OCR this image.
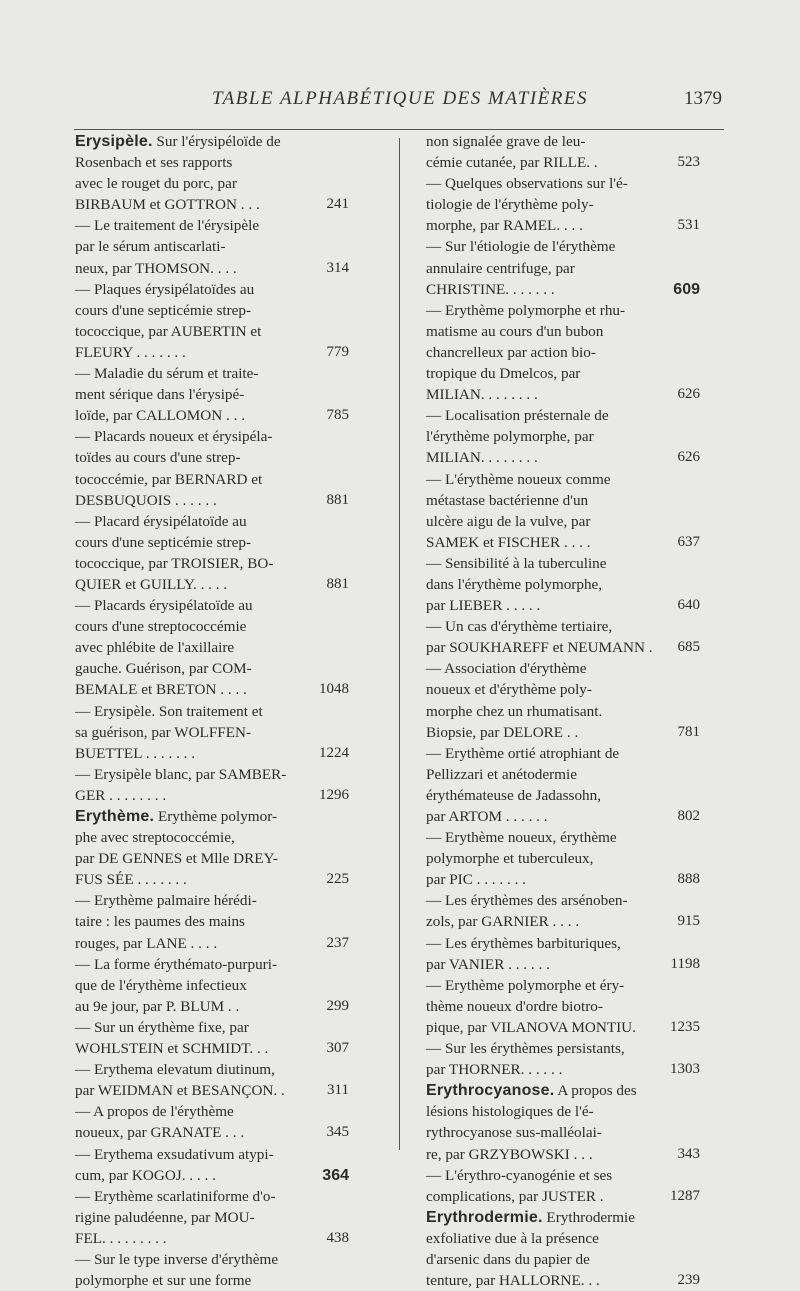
TABLE ALPHABÉTIQUE DES MATIÈRES	1379
Erysipèle. Sur l'érysipéloïde de
Rosenbach et ses rapports
avec le rouget du porc, par
BIRBAUM et GOTTRON . . .	241
— Le traitement de l'érysipèle
par le sérum antiscarlati-
neux, par THOMSON. . . .	314
— Plaques érysipélatoïdes au
cours d'une septicémie strep-
tococcique, par AUBERTIN et
FLEURY . . . . . . .	779
— Maladie du sérum et traite-
ment sérique dans l'érysipé-
loïde, par CALLOMON . . .	785
— Placards noueux et érysipéla-
toïdes au cours d'une strep-
tococcémie, par BERNARD et
DESBUQUOIS . . . . . .	881
— Placard érysipélatoïde au
cours d'une septicémie strep-
tococcique, par TROISIER, BO-
QUIER et GUILLY. . . . .	881
— Placards érysipélatoïde au
cours d'une streptococcémie
avec phlébite de l'axillaire
gauche. Guérison, par COM-
BEMALE et BRETON . . . .	1048
— Erysipèle. Son traitement et
sa guérison, par WOLFFEN-
BUETTEL . . . . . . .	1224
— Erysipèle blanc, par SAMBER-
GER . . . . . . . .	1296
Erythème. Erythème polymor-
phe avec streptococcémie,
par DE GENNES et Mlle DREY-
FUS SÉE . . . . . . .	225
— Erythème palmaire hérédi-
taire : les paumes des mains
rouges, par LANE . . . .	237
— La forme érythémato-purpuri-
que de l'érythème infectieux
au 9e jour, par P. BLUM . .	299
— Sur un érythème fixe, par
WOHLSTEIN et SCHMIDT. . .	307
— Erythema elevatum diutinum,
par WEIDMAN et BESANÇON. .	311
— A propos de l'érythème
noueux, par GRANATE . . .	345
— Erythema exsudativum atypi-
cum, par KOGOJ. . . . .	364
— Erythème scarlatiniforme d'o-
rigine paludéenne, par MOU-
FEL. . . . . . . . .	438
— Sur le type inverse d'érythème
polymorphe et sur une forme
non signalée grave de leu-
cémie cutanée, par RILLE. .	523
— Quelques observations sur l'é-
tiologie de l'érythème poly-
morphe, par RAMEL. . . .	531
— Sur l'étiologie de l'érythème
annulaire centrifuge, par
CHRISTINE. . . . . . .	609
— Erythème polymorphe et rhu-
matisme au cours d'un bubon
chancrelleux par action bio-
tropique du Dmelcos, par
MILIAN. . . . . . . .	626
— Localisation présternale de
l'érythème polymorphe, par
MILIAN. . . . . . . .	626
— L'érythème noueux comme
métastase bactérienne d'un
ulcère aigu de la vulve, par
SAMEK et FISCHER . . . .	637
— Sensibilité à la tuberculine
dans l'érythème polymorphe,
par LIEBER . . . . .	640
— Un cas d'érythème tertiaire,
par SOUKHAREFF et NEUMANN .	685
— Association d'érythème
noueux et d'érythème poly-
morphe chez un rhumatisant.
Biopsie, par DELORE . .	781
— Erythème ortié atrophiant de
Pellizzari et anétodermie
érythémateuse de Jadassohn,
par ARTOM . . . . . .	802
— Erythème noueux, érythème
polymorphe et tuberculeux,
par PIC . . . . . . .	888
— Les érythèmes des arsénoben-
zols, par GARNIER . . . .	915
— Les érythèmes barbituriques,
par VANIER . . . . . .	1198
— Erythème polymorphe et éry-
thème noueux d'ordre biotro-
pique, par VILANOVA MONTIU.	1235
— Sur les érythèmes persistants,
par THORNER. . . . . .	1303
Erythrocyanose. A propos des
lésions histologiques de l'é-
rythrocyanose sus-malléolai-
re, par GRZYBOWSKI . . .	343
— L'érythro-cyanogénie et ses
complications, par JUSTER .	1287
Erythrodermie. Erythrodermie
exfoliative due à la présence
d'arsenic dans du papier de
tenture, par HALLORNE. . .	239
